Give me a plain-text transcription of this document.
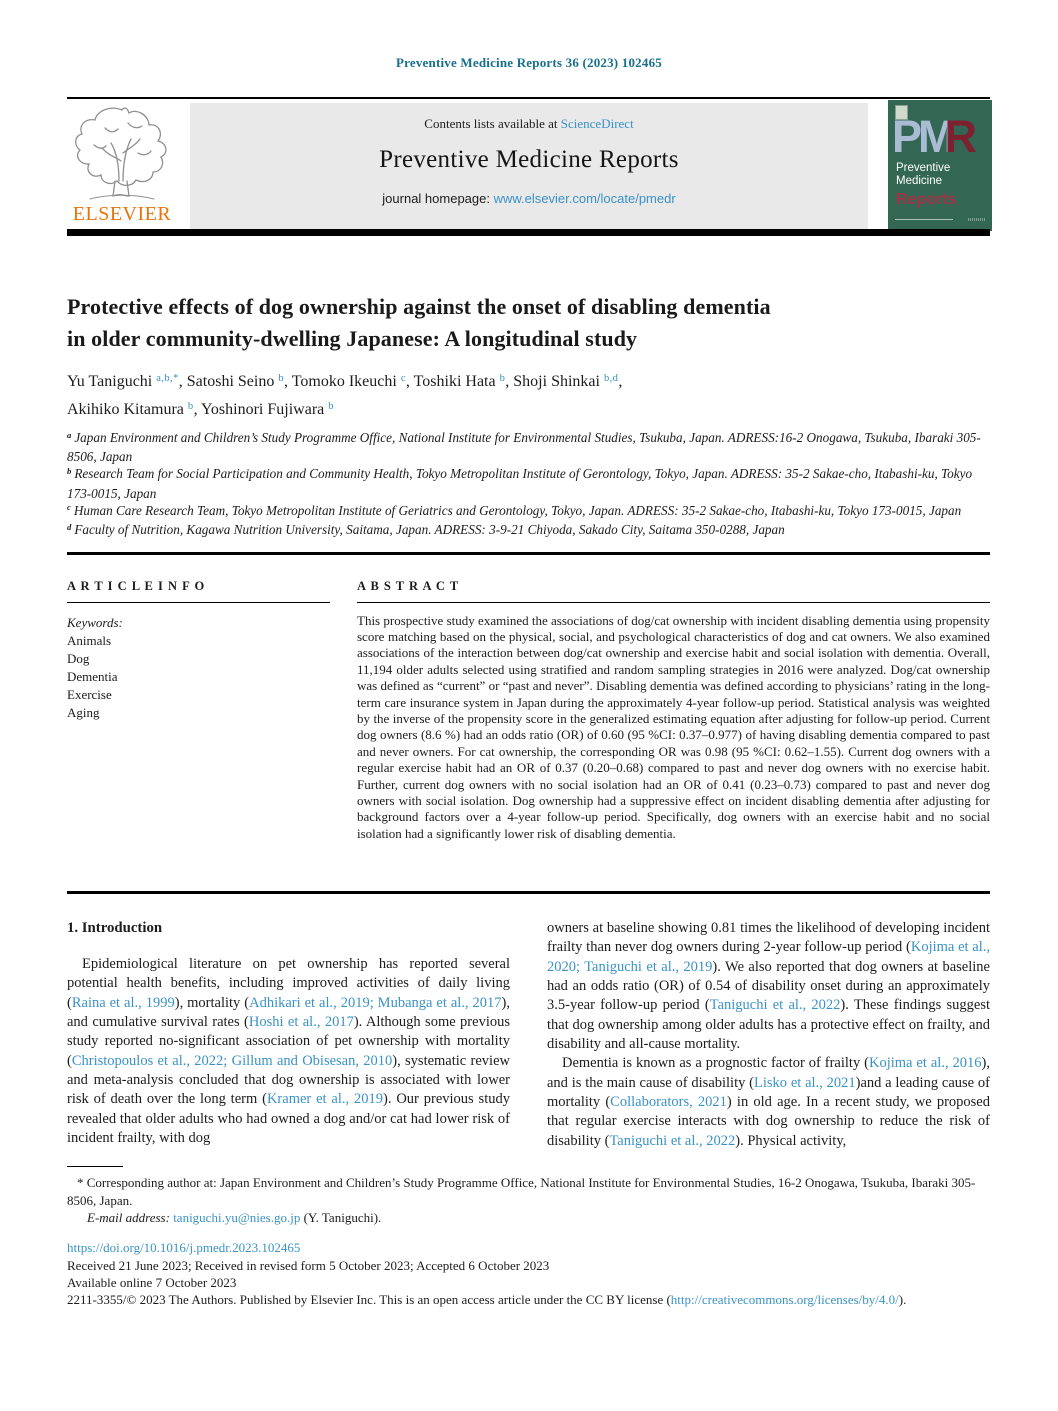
Preventive Medicine Reports 36 (2023) 102465
ELSEVIER
Contents lists available at ScienceDirect
Preventive Medicine Reports
journal homepage: www.elsevier.com/locate/pmedr
PMR
Preventive
Medicine
Reports
Protective effects of dog ownership against the onset of disabling dementia
in older community-dwelling Japanese: A longitudinal study
Yu Taniguchi $^{a,b,*}$, Satoshi Seino $^b$, Tomoko Ikeuchi $^c$, Toshiki Hata $^b$, Shoji Shinkai $^{b,d}$,
Akihiko Kitamura $^b$, Yoshinori Fujiwara $^b$
$^a$ Japan Environment and Children’s Study Programme Office, National Institute for Environmental Studies, Tsukuba, Japan. ADRESS:16-2 Onogawa, Tsukuba, Ibaraki 305-8506, Japan
$^b$ Research Team for Social Participation and Community Health, Tokyo Metropolitan Institute of Gerontology, Tokyo, Japan. ADRESS: 35-2 Sakae-cho, Itabashi-ku, Tokyo 173-0015, Japan
$^c$ Human Care Research Team, Tokyo Metropolitan Institute of Geriatrics and Gerontology, Tokyo, Japan. ADRESS: 35-2 Sakae-cho, Itabashi-ku, Tokyo 173-0015, Japan
$^d$ Faculty of Nutrition, Kagawa Nutrition University, Saitama, Japan. ADRESS: 3-9-21 Chiyoda, Sakado City, Saitama 350-0288, Japan
A R T I C L E I N F O
Keywords:
Animals
Dog
Dementia
Exercise
Aging
A B S T R A C T
This prospective study examined the associations of dog/cat ownership with incident disabling dementia using propensity score matching based on the physical, social, and psychological characteristics of dog and cat owners. We also examined associations of the interaction between dog/cat ownership and exercise habit and social isolation with dementia. Overall, 11,194 older adults selected using stratified and random sampling strategies in 2016 were analyzed. Dog/cat ownership was defined as “current” or “past and never”. Disabling dementia was defined according to physicians’ rating in the long-term care insurance system in Japan during the approximately 4-year follow-up period. Statistical analysis was weighted by the inverse of the propensity score in the generalized estimating equation after adjusting for follow-up period. Current dog owners (8.6 %) had an odds ratio (OR) of 0.60 (95 %CI: 0.37–0.977) of having disabling dementia compared to past and never owners. For cat ownership, the corresponding OR was 0.98 (95 %CI: 0.62–1.55). Current dog owners with a regular exercise habit had an OR of 0.37 (0.20–0.68) compared to past and never dog owners with no exercise habit. Further, current dog owners with no social isolation had an OR of 0.41 (0.23–0.73) compared to past and never dog owners with social isolation. Dog ownership had a suppressive effect on incident disabling dementia after adjusting for background factors over a 4-year follow-up period. Specifically, dog owners with an exercise habit and no social isolation had a significantly lower risk of disabling dementia.
1. Introduction

Epidemiological literature on pet ownership has reported several potential health benefits, including improved activities of daily living (Raina et al., 1999), mortality (Adhikari et al., 2019; Mubanga et al., 2017), and cumulative survival rates (Hoshi et al., 2017). Although some previous study reported no-significant association of pet ownership with mortality (Christopoulos et al., 2022; Gillum and Obisesan, 2010), systematic review and meta-analysis concluded that dog ownership is associated with lower risk of death over the long term (Kramer et al., 2019). Our previous study revealed that older adults who had owned a dog and/or cat had lower risk of incident frailty, with dog

owners at baseline showing 0.81 times the likelihood of developing incident frailty than never dog owners during 2-year follow-up period (Kojima et al., 2020; Taniguchi et al., 2019). We also reported that dog owners at baseline had an odds ratio (OR) of 0.54 of disability onset during an approximately 3.5-year follow-up period (Taniguchi et al., 2022). These findings suggest that dog ownership among older adults has a protective effect on frailty, and disability and all-cause mortality.

Dementia is known as a prognostic factor of frailty (Kojima et al., 2016), and is the main cause of disability (Lisko et al., 2021)and a leading cause of mortality (Collaborators, 2021) in old age. In a recent study, we proposed that regular exercise interacts with dog ownership to reduce the risk of disability (Taniguchi et al., 2022). Physical activity,

* Corresponding author at: Japan Environment and Children’s Study Programme Office, National Institute for Environmental Studies, 16-2 Onogawa, Tsukuba, Ibaraki 305-8506, Japan.

E-mail address: taniguchi.yu@nies.go.jp (Y. Taniguchi).

https://doi.org/10.1016/j.pmedr.2023.102465
Received 21 June 2023; Received in revised form 5 October 2023; Accepted 6 October 2023
Available online 7 October 2023
2211-3355/© 2023 The Authors. Published by Elsevier Inc. This is an open access article under the CC BY license (http://creativecommons.org/licenses/by/4.0/).
